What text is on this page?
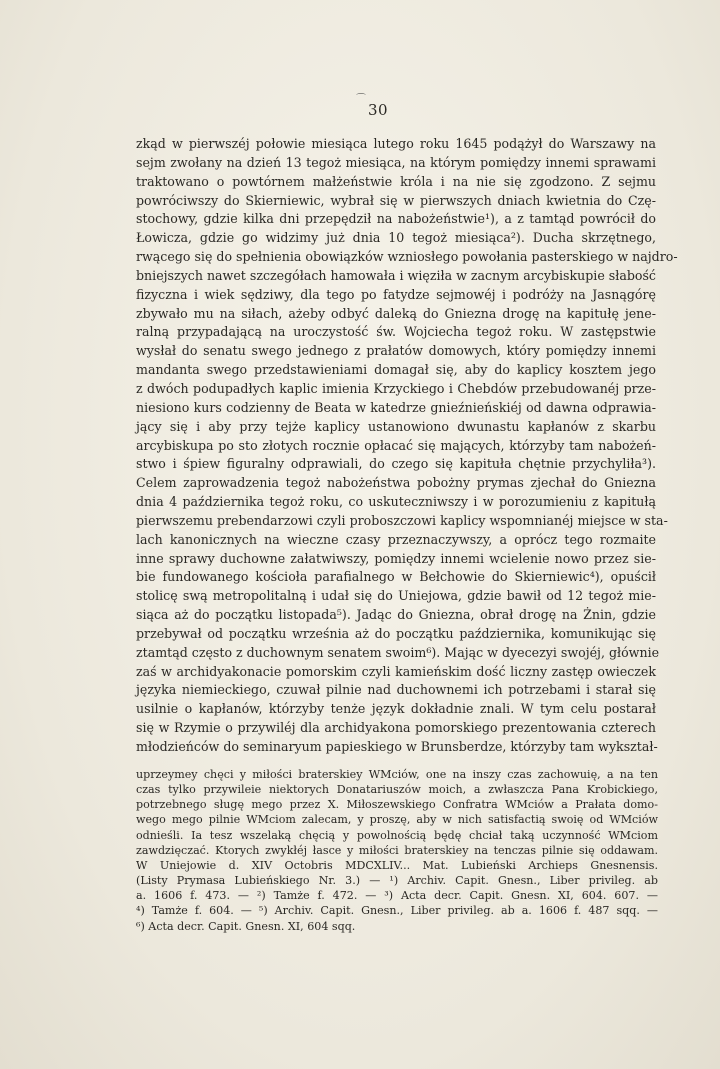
⌒
30
zkąd w pierwszéj połowie miesiąca lutego roku 1645 podążył do Warszawy na
sejm zwołany na dzień 13 tegoż miesiąca, na którym pomiędzy innemi sprawami
traktowano o powtórnem małżeństwie króla i na nie się zgodzono. Z sejmu
powróciwszy do Skierniewic, wybrał się w pierwszych dniach kwietnia do Czę-
stochowy, gdzie kilka dni przepędził na nabożeństwie¹), a z tamtąd powrócił do
Łowicza, gdzie go widzimy już dnia 10 tegoż miesiąca²). Ducha skrzętnego,
rwącego się do spełnienia obowiązków wzniosłego powołania pasterskiego w najdro-
bniejszych nawet szczegółach hamowała i więziła w zacnym arcybiskupie słabość
fizyczna i wiek sędziwy, dla tego po fatydze sejmowéj i podróży na Jasnągórę
zbywało mu na siłach, ażeby odbyć daleką do Gniezna drogę na kapitułę jene-
ralną przypadającą na uroczystość św. Wojciecha tegoż roku. W zastępstwie
wysłał do senatu swego jednego z prałatów domowych, który pomiędzy innemi
mandanta swego przedstawieniami domagał się, aby do kaplicy kosztem jego
z dwóch podupadłych kaplic imienia Krzyckiego i Chebdów przebudowanéj prze-
niesiono kurs codzienny de Beata w katedrze gnieźnieńskiéj od dawna odprawia-
jący się i aby przy tejże kaplicy ustanowiono dwunastu kapłanów z skarbu
arcybiskupa po sto złotych rocznie opłacać się mających, którzyby tam nabożeń-
stwo i śpiew figuralny odprawiali, do czego się kapituła chętnie przychyliła³).
Celem zaprowadzenia tegoż nabożeństwa pobożny prymas zjechał do Gniezna
dnia 4 października tegoż roku, co uskuteczniwszy i w porozumieniu z kapitułą
pierwszemu prebendarzowi czyli proboszczowi kaplicy wspomnianéj miejsce w sta-
lach kanonicznych na wieczne czasy przeznaczywszy, a oprócz tego rozmaite
inne sprawy duchowne załatwiwszy, pomiędzy innemi wcielenie nowo przez sie-
bie fundowanego kościoła parafialnego w Bełchowie do Skierniewic⁴), opuścił
stolicę swą metropolitalną i udał się do Uniejowa, gdzie bawił od 12 tegoż mie-
siąca aż do początku listopada⁵). Jadąc do Gniezna, obrał drogę na Żnin, gdzie
przebywał od początku września aż do początku października, komunikując się
ztamtąd często z duchownym senatem swoim⁶). Mając w dyecezyi swojéj, głównie
zaś w archidyakonacie pomorskim czyli kamieńskim dość liczny zastęp owieczek
języka niemieckiego, czuwał pilnie nad duchownemi ich potrzebami i starał się
usilnie o kapłanów, którzyby tenże język dokładnie znali. W tym celu postarał
się w Rzymie o przywiléj dla archidyakona pomorskiego prezentowania czterech
młodzieńców do seminaryum papieskiego w Brunsberdze, którzyby tam wykształ-
uprzeymey chęci y miłości braterskiey WMciów, one na inszy czas zachowuię, a na ten
czas tylko przywileie niektorych Donatariuszów moich, a zwłaszcza Pana Krobickiego,
potrzebnego sługę mego przez X. Miłoszewskiego Confratra WMciów a Prałata domo-
wego mego pilnie WMciom zalecam, y proszę, aby w nich satisfactią swoię od WMciów
odnieśli. Ia tesz wszelaką chęcią y powolnością będę chciał taką uczynność WMciom
zawdzięczać. Ktorych zwykłéj łasce y miłości braterskiey na tenczas pilnie się oddawam.
W Uniejowie d. XIV Octobris MDCXLIV... Mat. Lubieński Archieps Gnesnensis.
(Listy Prymasa Lubieńskiego Nr. 3.) — ¹) Archiv. Capit. Gnesn., Liber privileg. ab
a. 1606 f. 473. — ²) Tamże f. 472. — ³) Acta decr. Capit. Gnesn. XI, 604. 607. —
⁴) Tamże f. 604. — ⁵) Archiv. Capit. Gnesn., Liber privileg. ab a. 1606 f. 487 sqq. —
⁶) Acta decr. Capit. Gnesn. XI, 604 sqq.
